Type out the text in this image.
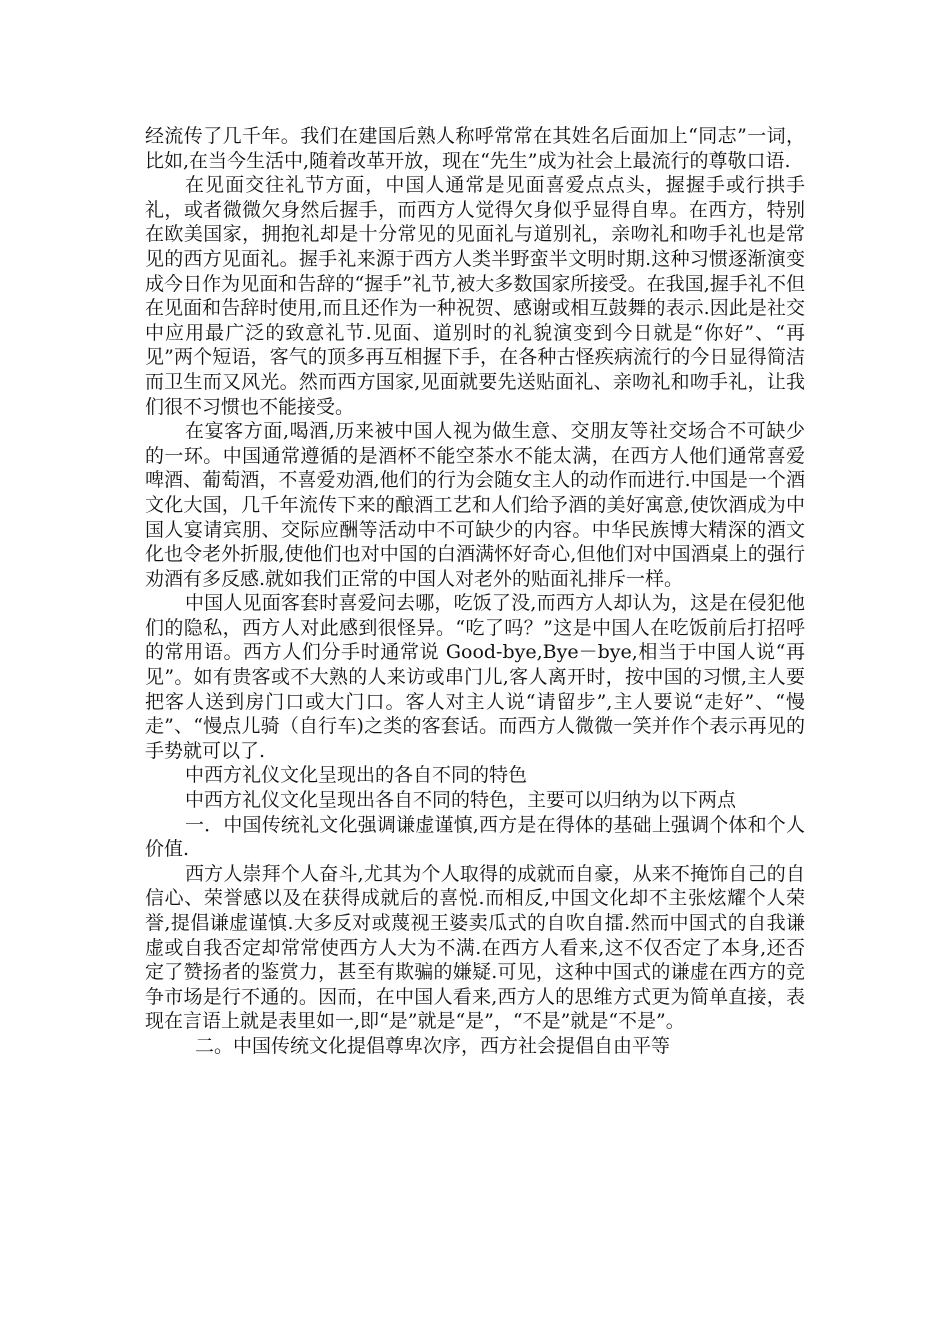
经流传了几千年。我们在建国后熟人称呼常常在其姓名后面加上“同志”一词，比如,在当今生活中,随着改革开放，现在“先生”成为社会上最流行的尊敬口语.

在见面交往礼节方面，中国人通常是见面喜爱点点头，握握手或行拱手礼，或者微微欠身然后握手，而西方人觉得欠身似乎显得自卑。在西方，特别在欧美国家，拥抱礼却是十分常见的见面礼与道别礼，亲吻礼和吻手礼也是常见的西方见面礼。握手礼来源于西方人类半野蛮半文明时期.这种习惯逐渐演变成今日作为见面和告辞的“握手”礼节,被大多数国家所接受。在我国,握手礼不但在见面和告辞时使用,而且还作为一种祝贺、感谢或相互鼓舞的表示.因此是社交中应用最广泛的致意礼节.见面、道别时的礼貌演变到今日就是“你好”、“再见”两个短语，客气的顶多再互相握下手，在各种古怪疾病流行的今日显得简洁而卫生而又风光。然而西方国家,见面就要先送贴面礼、亲吻礼和吻手礼，让我们很不习惯也不能接受。

在宴客方面,喝酒,历来被中国人视为做生意、交朋友等社交场合不可缺少的一环。中国通常遵循的是酒杯不能空茶水不能太满，在西方人他们通常喜爱啤酒、葡萄酒，不喜爱劝酒,他们的行为会随女主人的动作而进行.中国是一个酒文化大国，几千年流传下来的酿酒工艺和人们给予酒的美好寓意,使饮酒成为中国人宴请宾朋、交际应酬等活动中不可缺少的内容。中华民族博大精深的酒文化也令老外折服,使他们也对中国的白酒满怀好奇心,但他们对中国酒桌上的强行劝酒有多反感.就如我们正常的中国人对老外的贴面礼排斥一样。

中国人见面客套时喜爱问去哪，吃饭了没,而西方人却认为，这是在侵犯他们的隐私，西方人对此感到很怪异。“吃了吗？”这是中国人在吃饭前后打招呼的常用语。西方人们分手时通常说 Good-bye,Bye－bye,相当于中国人说“再见”。如有贵客或不大熟的人来访或串门儿,客人离开时，按中国的习惯,主人要把客人送到房门口或大门口。客人对主人说“请留步”,主人要说“走好”、“慢走”、“慢点儿骑（自行车)之类的客套话。而西方人微微一笑并作个表示再见的手势就可以了.

中西方礼仪文化呈现出的各自不同的特色

中西方礼仪文化呈现出各自不同的特色，主要可以归纳为以下两点

一．中国传统礼文化强调谦虚谨慎,西方是在得体的基础上强调个体和个人价值.

西方人崇拜个人奋斗,尤其为个人取得的成就而自豪，从来不掩饰自己的自信心、荣誉感以及在获得成就后的喜悦.而相反,中国文化却不主张炫耀个人荣誉,提倡谦虚谨慎.大多反对或蔑视王婆卖瓜式的自吹自擂.然而中国式的自我谦虚或自我否定却常常使西方人大为不满.在西方人看来,这不仅否定了本身,还否定了赞扬者的鉴赏力，甚至有欺骗的嫌疑.可见，这种中国式的谦虚在西方的竞争市场是行不通的。因而，在中国人看来,西方人的思维方式更为简单直接，表现在言语上就是表里如一,即“是”就是“是”，“不是”就是“不是”。

二。中国传统文化提倡尊卑次序，西方社会提倡自由平等
